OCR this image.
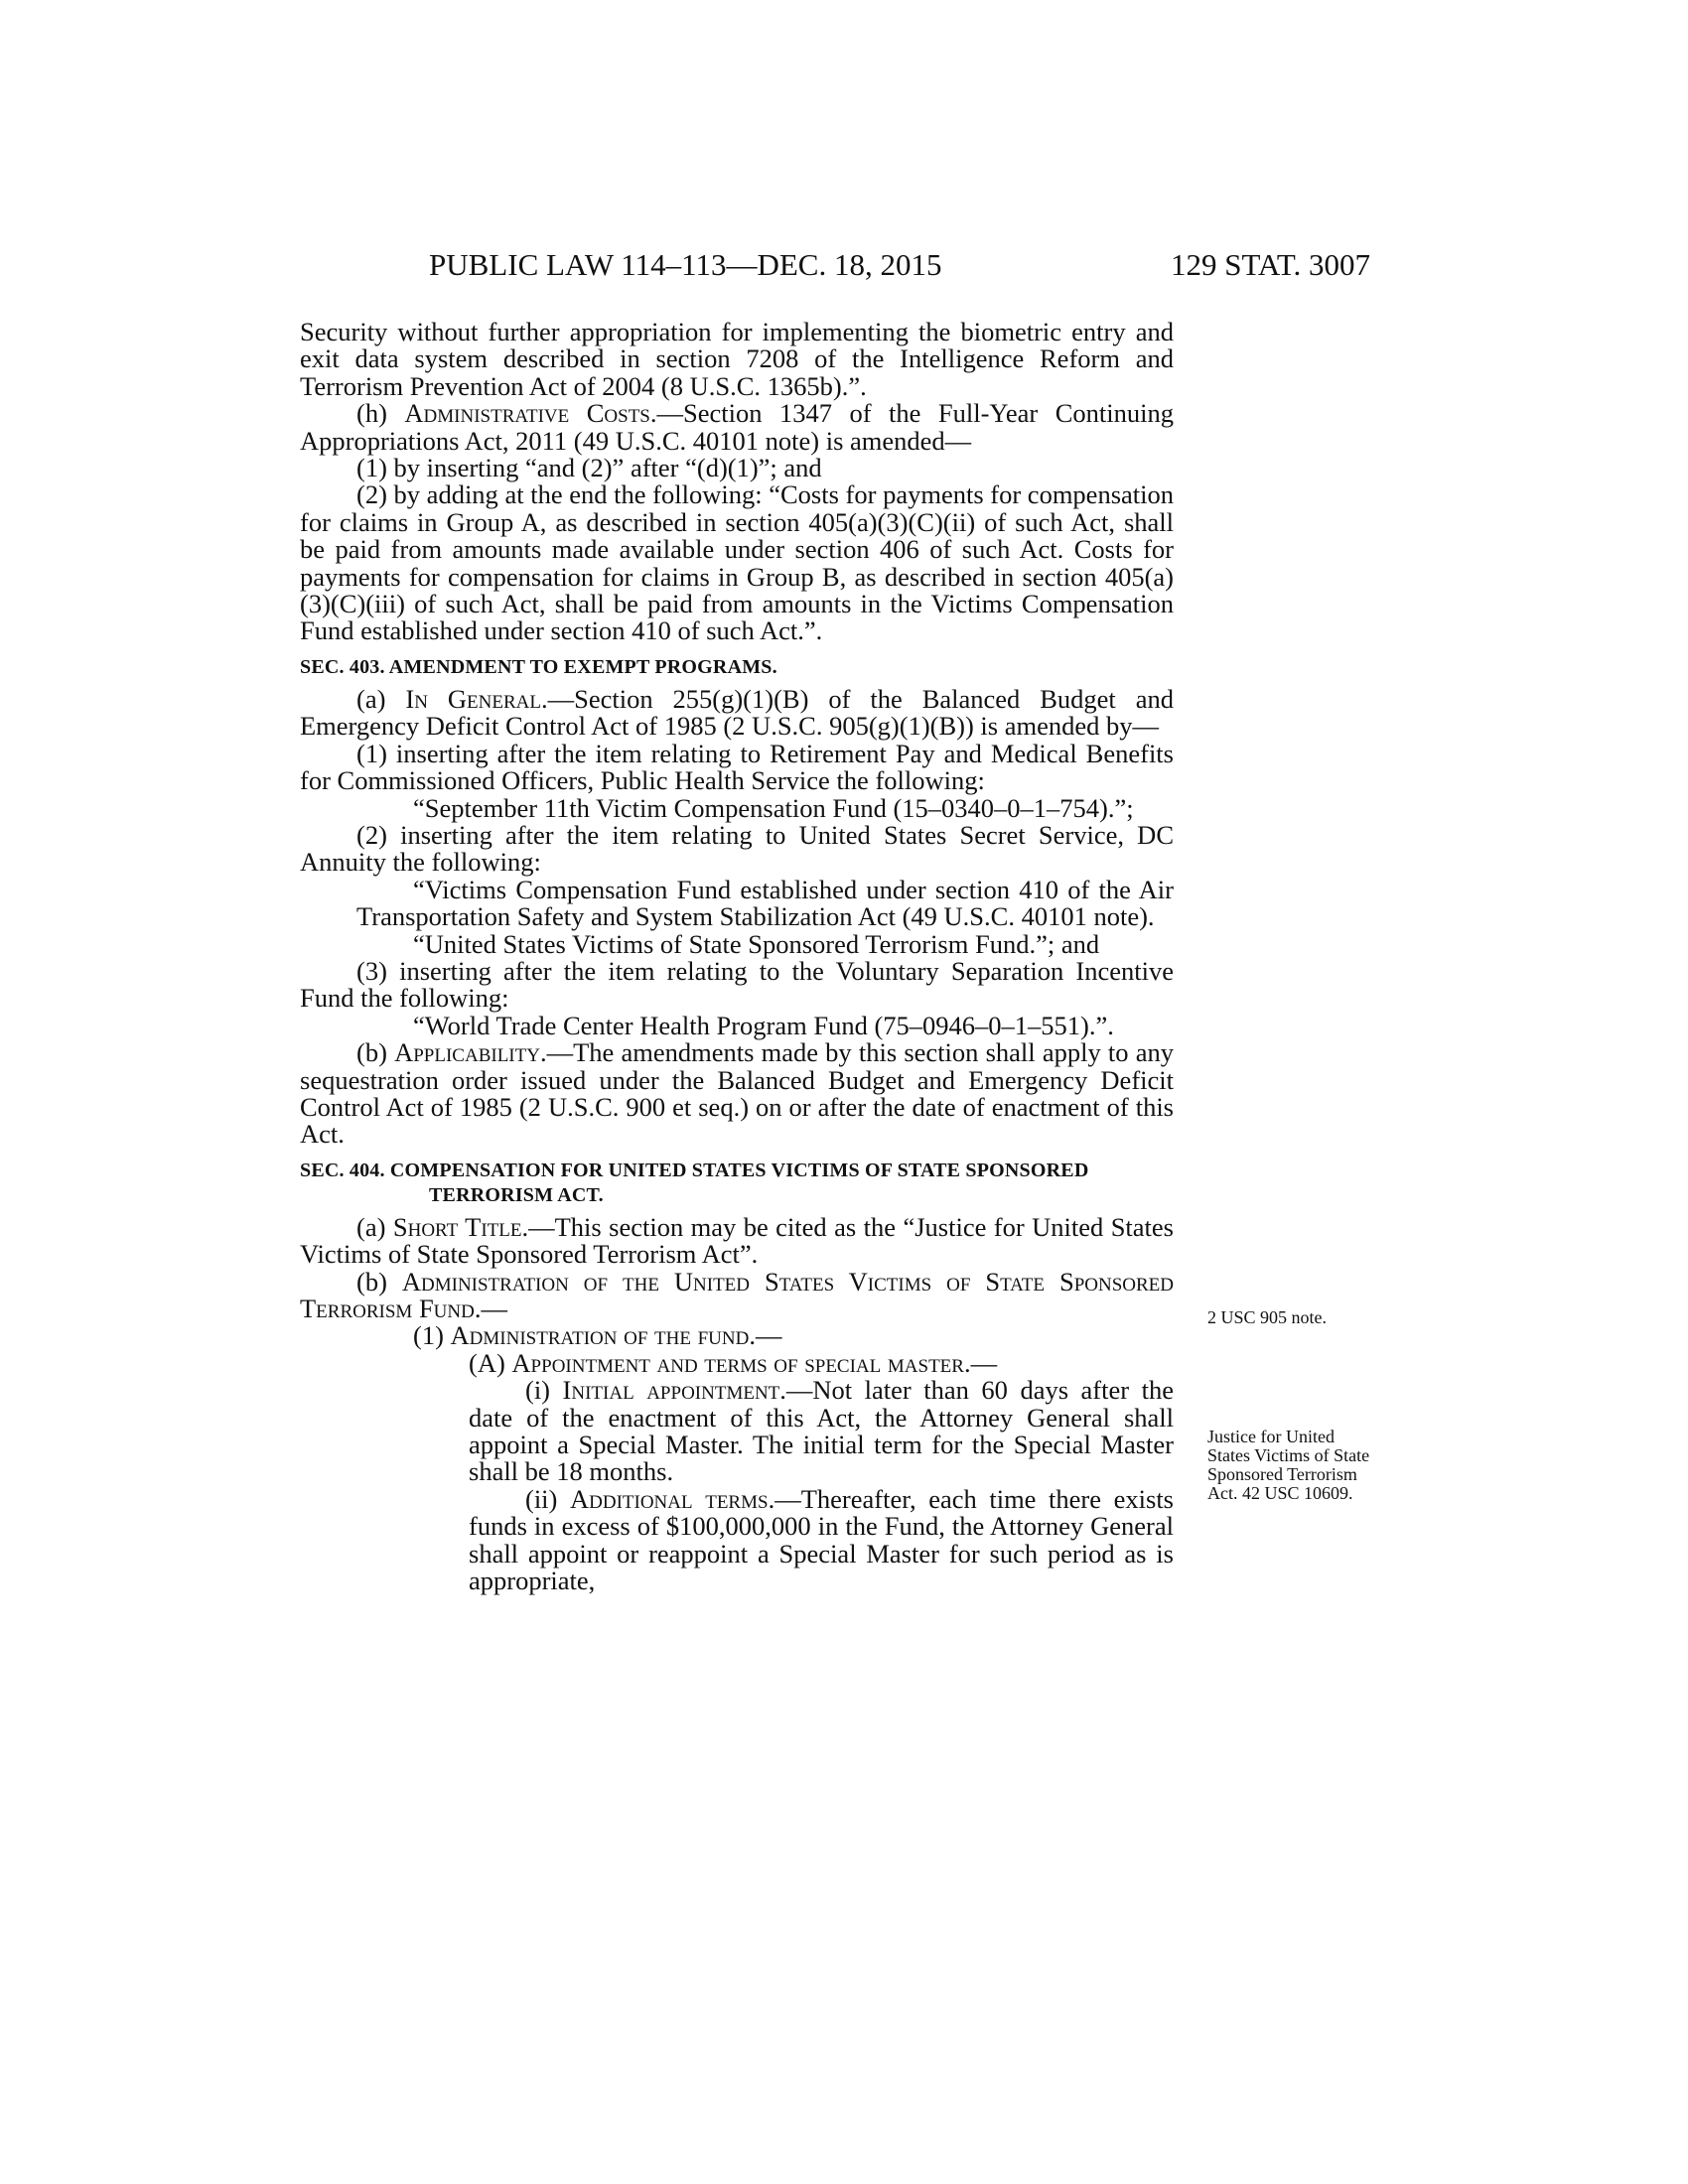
PUBLIC LAW 114–113—DEC. 18, 2015	129 STAT. 3007

Security without further appropriation for implementing the biometric entry and exit data system described in section 7208 of the Intelligence Reform and Terrorism Prevention Act of 2004 (8 U.S.C. 1365b).”.

(h) Administrative Costs.—Section 1347 of the Full-Year Continuing Appropriations Act, 2011 (49 U.S.C. 40101 note) is amended—

(1) by inserting “and (2)” after “(d)(1)”; and

(2) by adding at the end the following: “Costs for payments for compensation for claims in Group A, as described in section 405(a)(3)(C)(ii) of such Act, shall be paid from amounts made available under section 406 of such Act. Costs for payments for compensation for claims in Group B, as described in section 405(a)(3)(C)(iii) of such Act, shall be paid from amounts in the Victims Compensation Fund established under section 410 of such Act.”.

SEC. 403. AMENDMENT TO EXEMPT PROGRAMS.

(a) In General.—Section 255(g)(1)(B) of the Balanced Budget and Emergency Deficit Control Act of 1985 (2 U.S.C. 905(g)(1)(B)) is amended by—

(1) inserting after the item relating to Retirement Pay and Medical Benefits for Commissioned Officers, Public Health Service the following:

“September 11th Victim Compensation Fund (15–0340–0–1–754).”;

(2) inserting after the item relating to United States Secret Service, DC Annuity the following:

“Victims Compensation Fund established under section 410 of the Air Transportation Safety and System Stabilization Act (49 U.S.C. 40101 note).

“United States Victims of State Sponsored Terrorism Fund.”; and

(3) inserting after the item relating to the Voluntary Separation Incentive Fund the following:

“World Trade Center Health Program Fund (75–0946–0–1–551).”.

(b) Applicability.—The amendments made by this section shall apply to any sequestration order issued under the Balanced Budget and Emergency Deficit Control Act of 1985 (2 U.S.C. 900 et seq.) on or after the date of enactment of this Act.

SEC. 404. COMPENSATION FOR UNITED STATES VICTIMS OF STATE SPONSORED TERRORISM ACT.

(a) Short Title.—This section may be cited as the “Justice for United States Victims of State Sponsored Terrorism Act”.

(b) Administration of the United States Victims of State Sponsored Terrorism Fund.—

(1) Administration of the fund.—

(A) Appointment and terms of special master.—

(i) Initial appointment.—Not later than 60 days after the date of the enactment of this Act, the Attorney General shall appoint a Special Master. The initial term for the Special Master shall be 18 months.

(ii) Additional terms.—Thereafter, each time there exists funds in excess of $100,000,000 in the Fund, the Attorney General shall appoint or reappoint a Special Master for such period as is appropriate,

2 USC 905 note.
Justice for United States Victims of State Sponsored Terrorism Act. 42 USC 10609.
